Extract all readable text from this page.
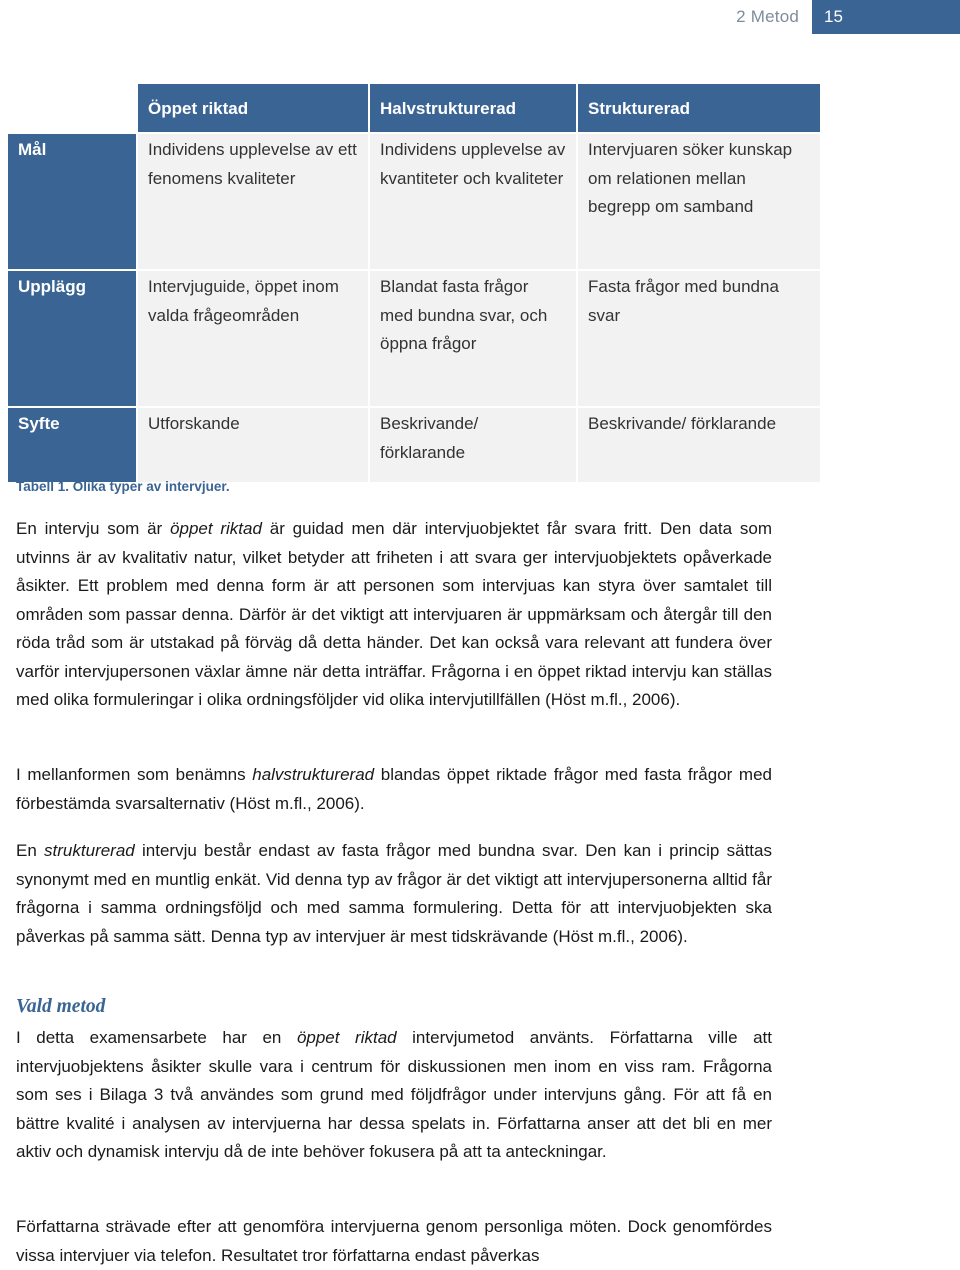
2 Metod	15
	Öppet riktad	Halvstrukturerad	Strukturerad
Mål	Individens upplevelse av ett fenomens kvaliteter	Individens upplevelse av kvantiteter och kvaliteter	Intervjuaren söker kunskap om relationen mellan begrepp om samband
Upplägg	Intervjuguide, öppet inom valda frågeområden	Blandat fasta frågor med bundna svar, och öppna frågor	Fasta frågor med bundna svar
Syfte	Utforskande	Beskrivande/ förklarande	Beskrivande/ förklarande
Tabell 1. Olika typer av intervjuer.

En intervju som är öppet riktad är guidad men där intervjuobjektet får svara fritt. Den data som utvinns är av kvalitativ natur, vilket betyder att friheten i att svara ger intervjuobjektets opåverkade åsikter. Ett problem med denna form är att personen som intervjuas kan styra över samtalet till områden som passar denna. Därför är det viktigt att intervjuaren är uppmärksam och återgår till den röda tråd som är utstakad på förväg då detta händer. Det kan också vara relevant att fundera över varför intervjupersonen växlar ämne när detta inträffar. Frågorna i en öppet riktad intervju kan ställas med olika formuleringar i olika ordningsföljder vid olika intervjutillfällen (Höst m.fl., 2006).

I mellanformen som benämns halvstrukturerad blandas öppet riktade frågor med fasta frågor med förbestämda svarsalternativ (Höst m.fl., 2006).

En strukturerad intervju består endast av fasta frågor med bundna svar. Den kan i princip sättas synonymt med en muntlig enkät. Vid denna typ av frågor är det viktigt att intervjupersonerna alltid får frågorna i samma ordningsföljd och med samma formulering. Detta för att intervjuobjekten ska påverkas på samma sätt. Denna typ av intervjuer är mest tidskrävande (Höst m.fl., 2006).

Vald metod

I detta examensarbete har en öppet riktad intervjumetod använts. Författarna ville att intervjuobjektens åsikter skulle vara i centrum för diskussionen men inom en viss ram. Frågorna som ses i Bilaga 3 två användes som grund med följdfrågor under intervjuns gång. För att få en bättre kvalité i analysen av intervjuerna har dessa spelats in. Författarna anser att det bli en mer aktiv och dynamisk intervju då de inte behöver fokusera på att ta anteckningar.

Författarna strävade efter att genomföra intervjuerna genom personliga möten. Dock genomfördes vissa intervjuer via telefon. Resultatet tror författarna endast påverkas
